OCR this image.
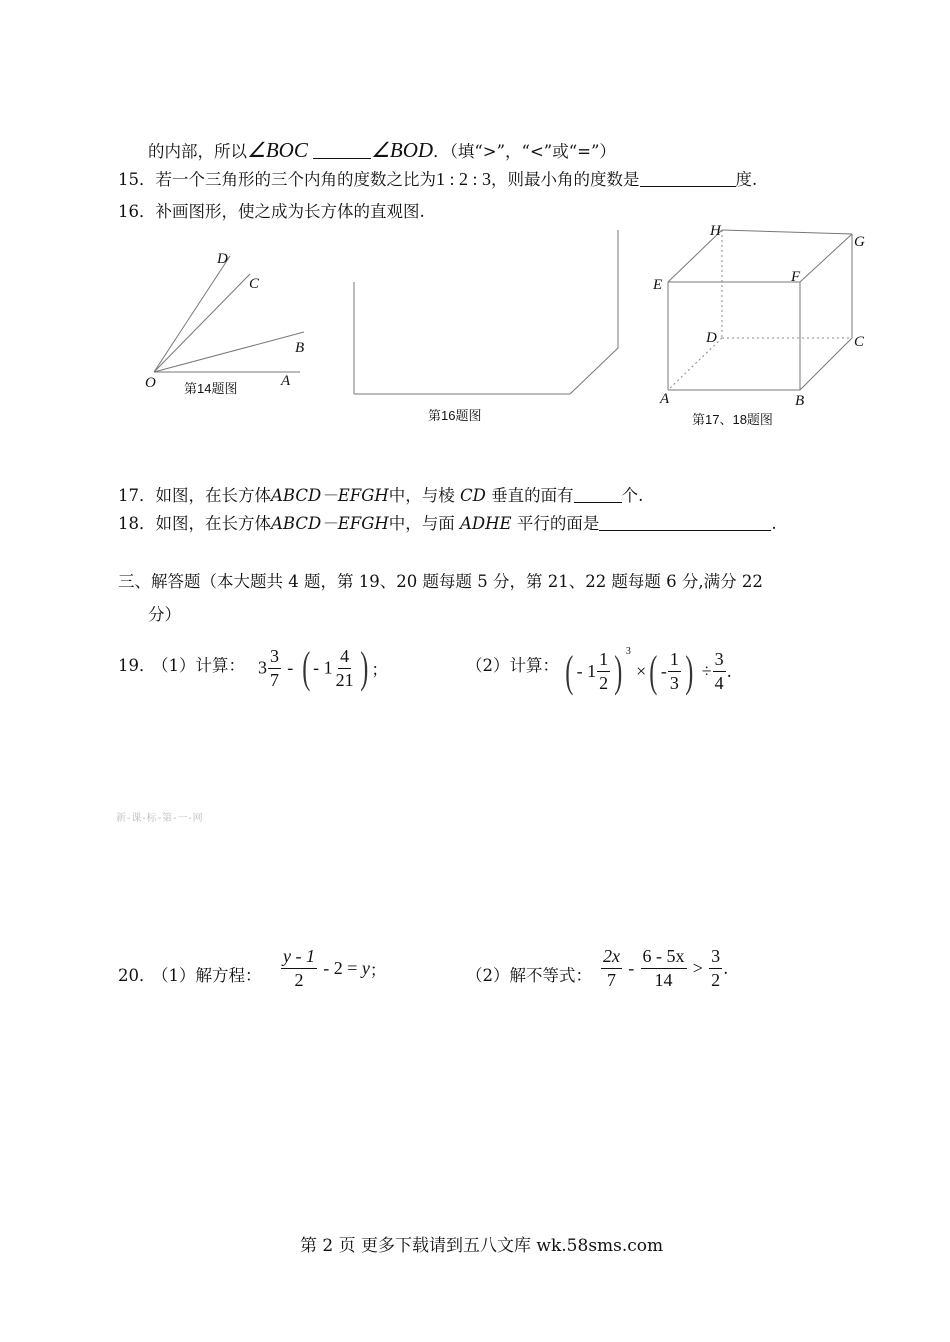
的内部，所以∠BOC	∠BOD．（填“>”，“<”或“=”）
15．若一个三角形的三个内角的度数之比为1 : 2 : 3，则最小角的度数是	度.
16．补画图形，使之成为长方体的直观图.
D
C
B
O	A
第14题图
第16题图
H
G
E	F
D	C
A	B
第17、18题图
17．如图，在长方体ABCD－EFGH中，与棱 CD 垂直的面有	个.
18．如图，在长方体ABCD－EFGH中，与面 ADHE 平行的面是	.
三、解答题（本大题共 4 题，第 19、20 题每题 5 分，第 21、22 题每题 6 分,满分 22
分）
19．
（1）计算： $3 \frac{3}{7}$ - ( - $1 \frac{4}{21}$ ) ；	（2）计算： ( - $1 \frac{1}{2}$ ) $^3$ ×( - $\frac{1}{3}$ ) ÷ $\frac{3}{4}$ .
新-课-标-第-一-网
20．
（1）解方程： $\frac{y - 1}{2} - 2 = y$；	（2）解不等式： $\frac{2x}{7} - \frac{6 - 5x}{14} > \frac{3}{2}$ .
第 2 页 更多下载请到五八文库 wk.58sms.com
